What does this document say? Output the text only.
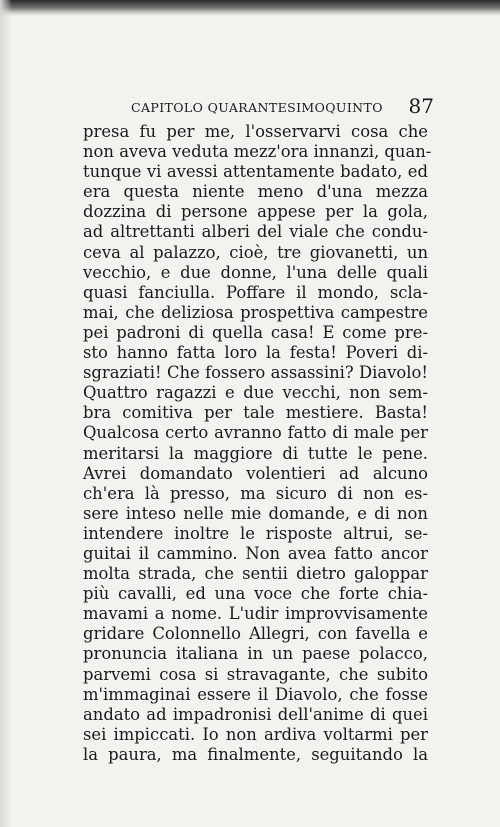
CAPITOLO QUARANTESIMOQUINTO 87
presa fu per me, l'osservarvi cosa che
non aveva veduta mezz'ora innanzi, quan-
tunque vi avessi attentamente badato, ed
era questa niente meno d'una mezza
dozzina di persone appese per la gola,
ad altrettanti alberi del viale che condu-
ceva al palazzo, cioè, tre giovanetti, un
vecchio, e due donne, l'una delle quali
quasi fanciulla. Poffare il mondo, scla-
mai, che deliziosa prospettiva campestre
pei padroni di quella casa! E come pre-
sto hanno fatta loro la festa! Poveri di-
sgraziati! Che fossero assassini? Diavolo!
Quattro ragazzi e due vecchi, non sem-
bra comitiva per tale mestiere. Basta!
Qualcosa certo avranno fatto di male per
meritarsi la maggiore di tutte le pene.
Avrei domandato volentieri ad alcuno
ch'era là presso, ma sicuro di non es-
sere inteso nelle mie domande, e di non
intendere inoltre le risposte altrui, se-
guitai il cammino. Non avea fatto ancor
molta strada, che sentii dietro galoppar
più cavalli, ed una voce che forte chia-
mavami a nome. L'udir improvvisamente
gridare Colonnello Allegri, con favella e
pronuncia italiana in un paese polacco,
parvemi cosa si stravagante, che subito
m'immaginai essere il Diavolo, che fosse
andato ad impadronisi dell'anime di quei
sei impiccati. Io non ardiva voltarmi per
la paura, ma finalmente, seguitando la
